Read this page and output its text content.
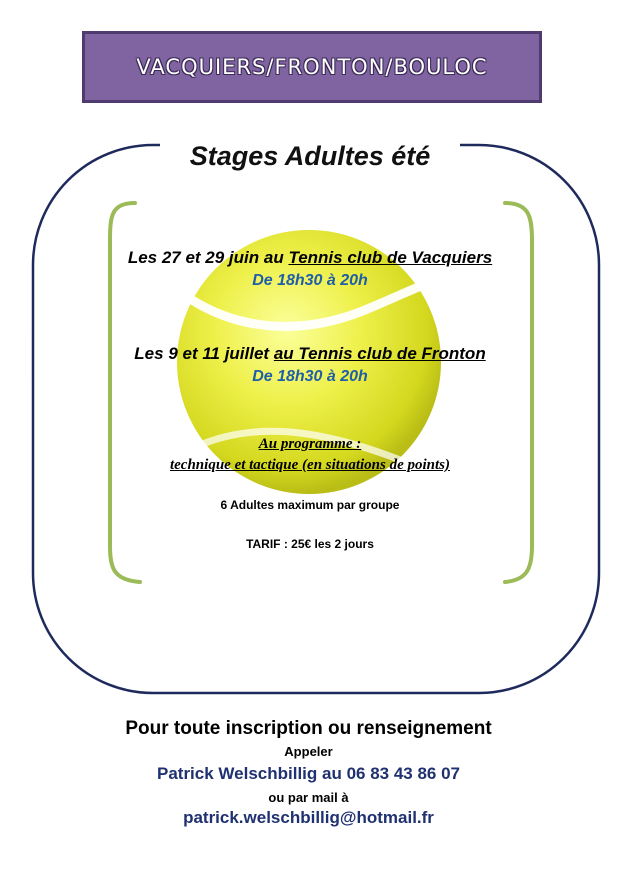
VACQUIERS/FRONTON/BOULOC
Stages Adultes été
Les 27 et 29 juin au Tennis club de Vacquiers
De 18h30 à 20h
Les 9 et 11 juillet au Tennis club de Fronton
De 18h30 à 20h
Au programme :
technique et tactique (en situations de points)
6 Adultes maximum par groupe
TARIF : 25€ les 2 jours
Pour toute inscription ou renseignement
Appeler
Patrick Welschbillig au 06 83 43 86 07
ou par mail à
patrick.welschbillig@hotmail.fr
